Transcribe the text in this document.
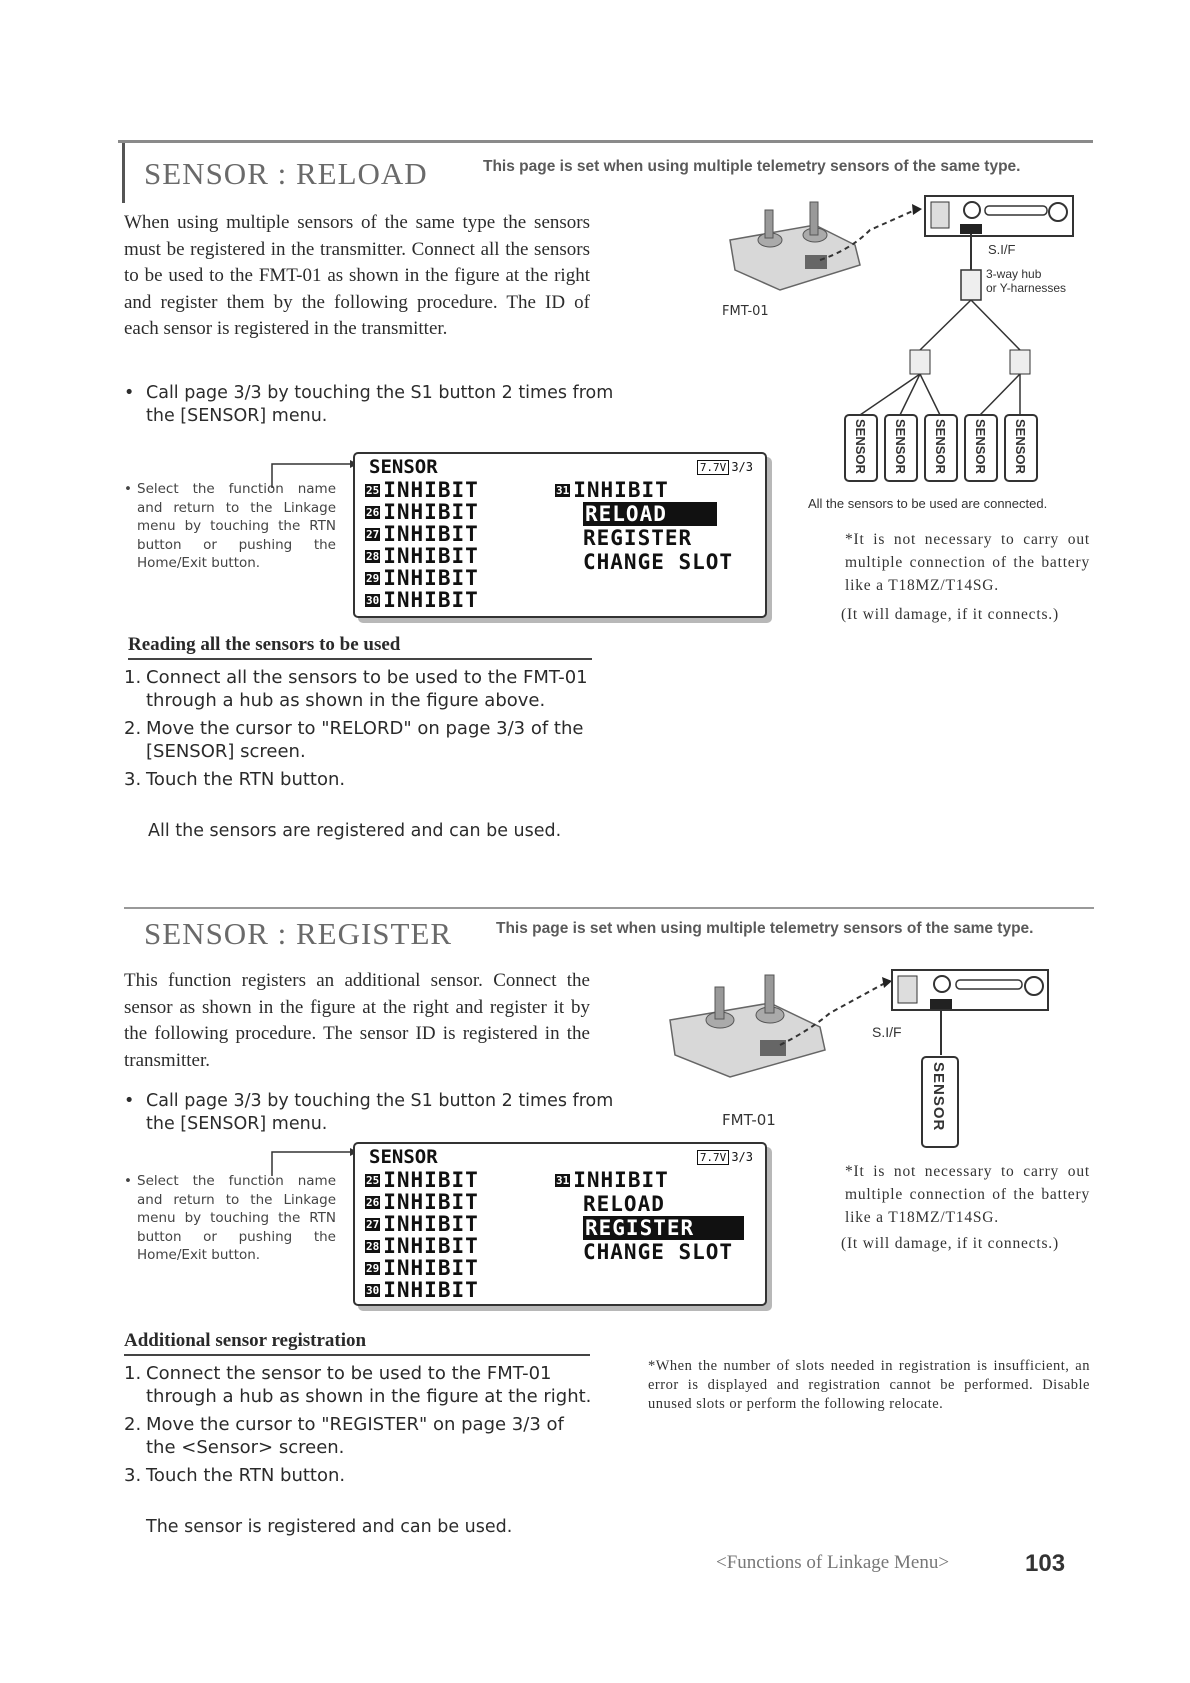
SENSOR : RELOAD	This page is set when using multiple telemetry sensors of the same type.
When using multiple sensors of the same type the sensors must be registered in the transmitter. Connect all the sensors to be used to the FMT-01 as shown in the figure at the right and register them by the following procedure. The ID of each sensor is registered in the transmitter.
• Call page 3/3 by touching the S1 button 2 times from the [SENSOR] menu.
• Select the function name and return to the Linkage menu by touching the RTN button or pushing the Home/Exit button.
SENSOR	7.7V 3/3
25 INHIBIT
26 INHIBIT
27 INHIBIT
28 INHIBIT
29 INHIBIT
30 INHIBIT
31 INHIBIT
RELOAD
REGISTER
CHANGE SLOT
S.I/F
FMT-01
3-way hub or Y-harnesses
SENSOR SENSOR SENSOR SENSOR SENSOR
All the sensors to be used are connected.
*It is not necessary to carry out multiple connection of the battery like a T18MZ/T14SG.
(It will damage, if it connects.)
Reading all the sensors to be used
1. Connect all the sensors to be used to the FMT-01 through a hub as shown in the figure above.
2. Move the cursor to "RELORD" on page 3/3 of the [SENSOR] screen.
3. Touch the RTN button.
All the sensors are registered and can be used.
SENSOR : REGISTER	This page is set when using multiple telemetry sensors of the same type.
This function registers an additional sensor. Connect the sensor as shown in the figure at the right and register it by the following procedure. The sensor ID is registered in the transmitter.
• Call page 3/3 by touching the S1 button 2 times from the [SENSOR] menu.
• Select the function name and return to the Linkage menu by touching the RTN button or pushing the Home/Exit button.
SENSOR	7.7V 3/3
25 INHIBIT
26 INHIBIT
27 INHIBIT
28 INHIBIT
29 INHIBIT
30 INHIBIT
31 INHIBIT
RELOAD
REGISTER
CHANGE SLOT
S.I/F
FMT-01	SENSOR
*It is not necessary to carry out multiple connection of the battery like a T18MZ/T14SG.
(It will damage, if it connects.)
Additional sensor registration
1. Connect the sensor to be used to the FMT-01 through a hub as shown in the figure at the right.
2. Move the cursor to "REGISTER" on page 3/3 of the <Sensor> screen.
3. Touch the RTN button.
The sensor is registered and can be used.
*When the number of slots needed in registration is insufficient, an error is displayed and registration cannot be performed. Disable unused slots or perform the following relocate.
<Functions of Linkage Menu>	103
